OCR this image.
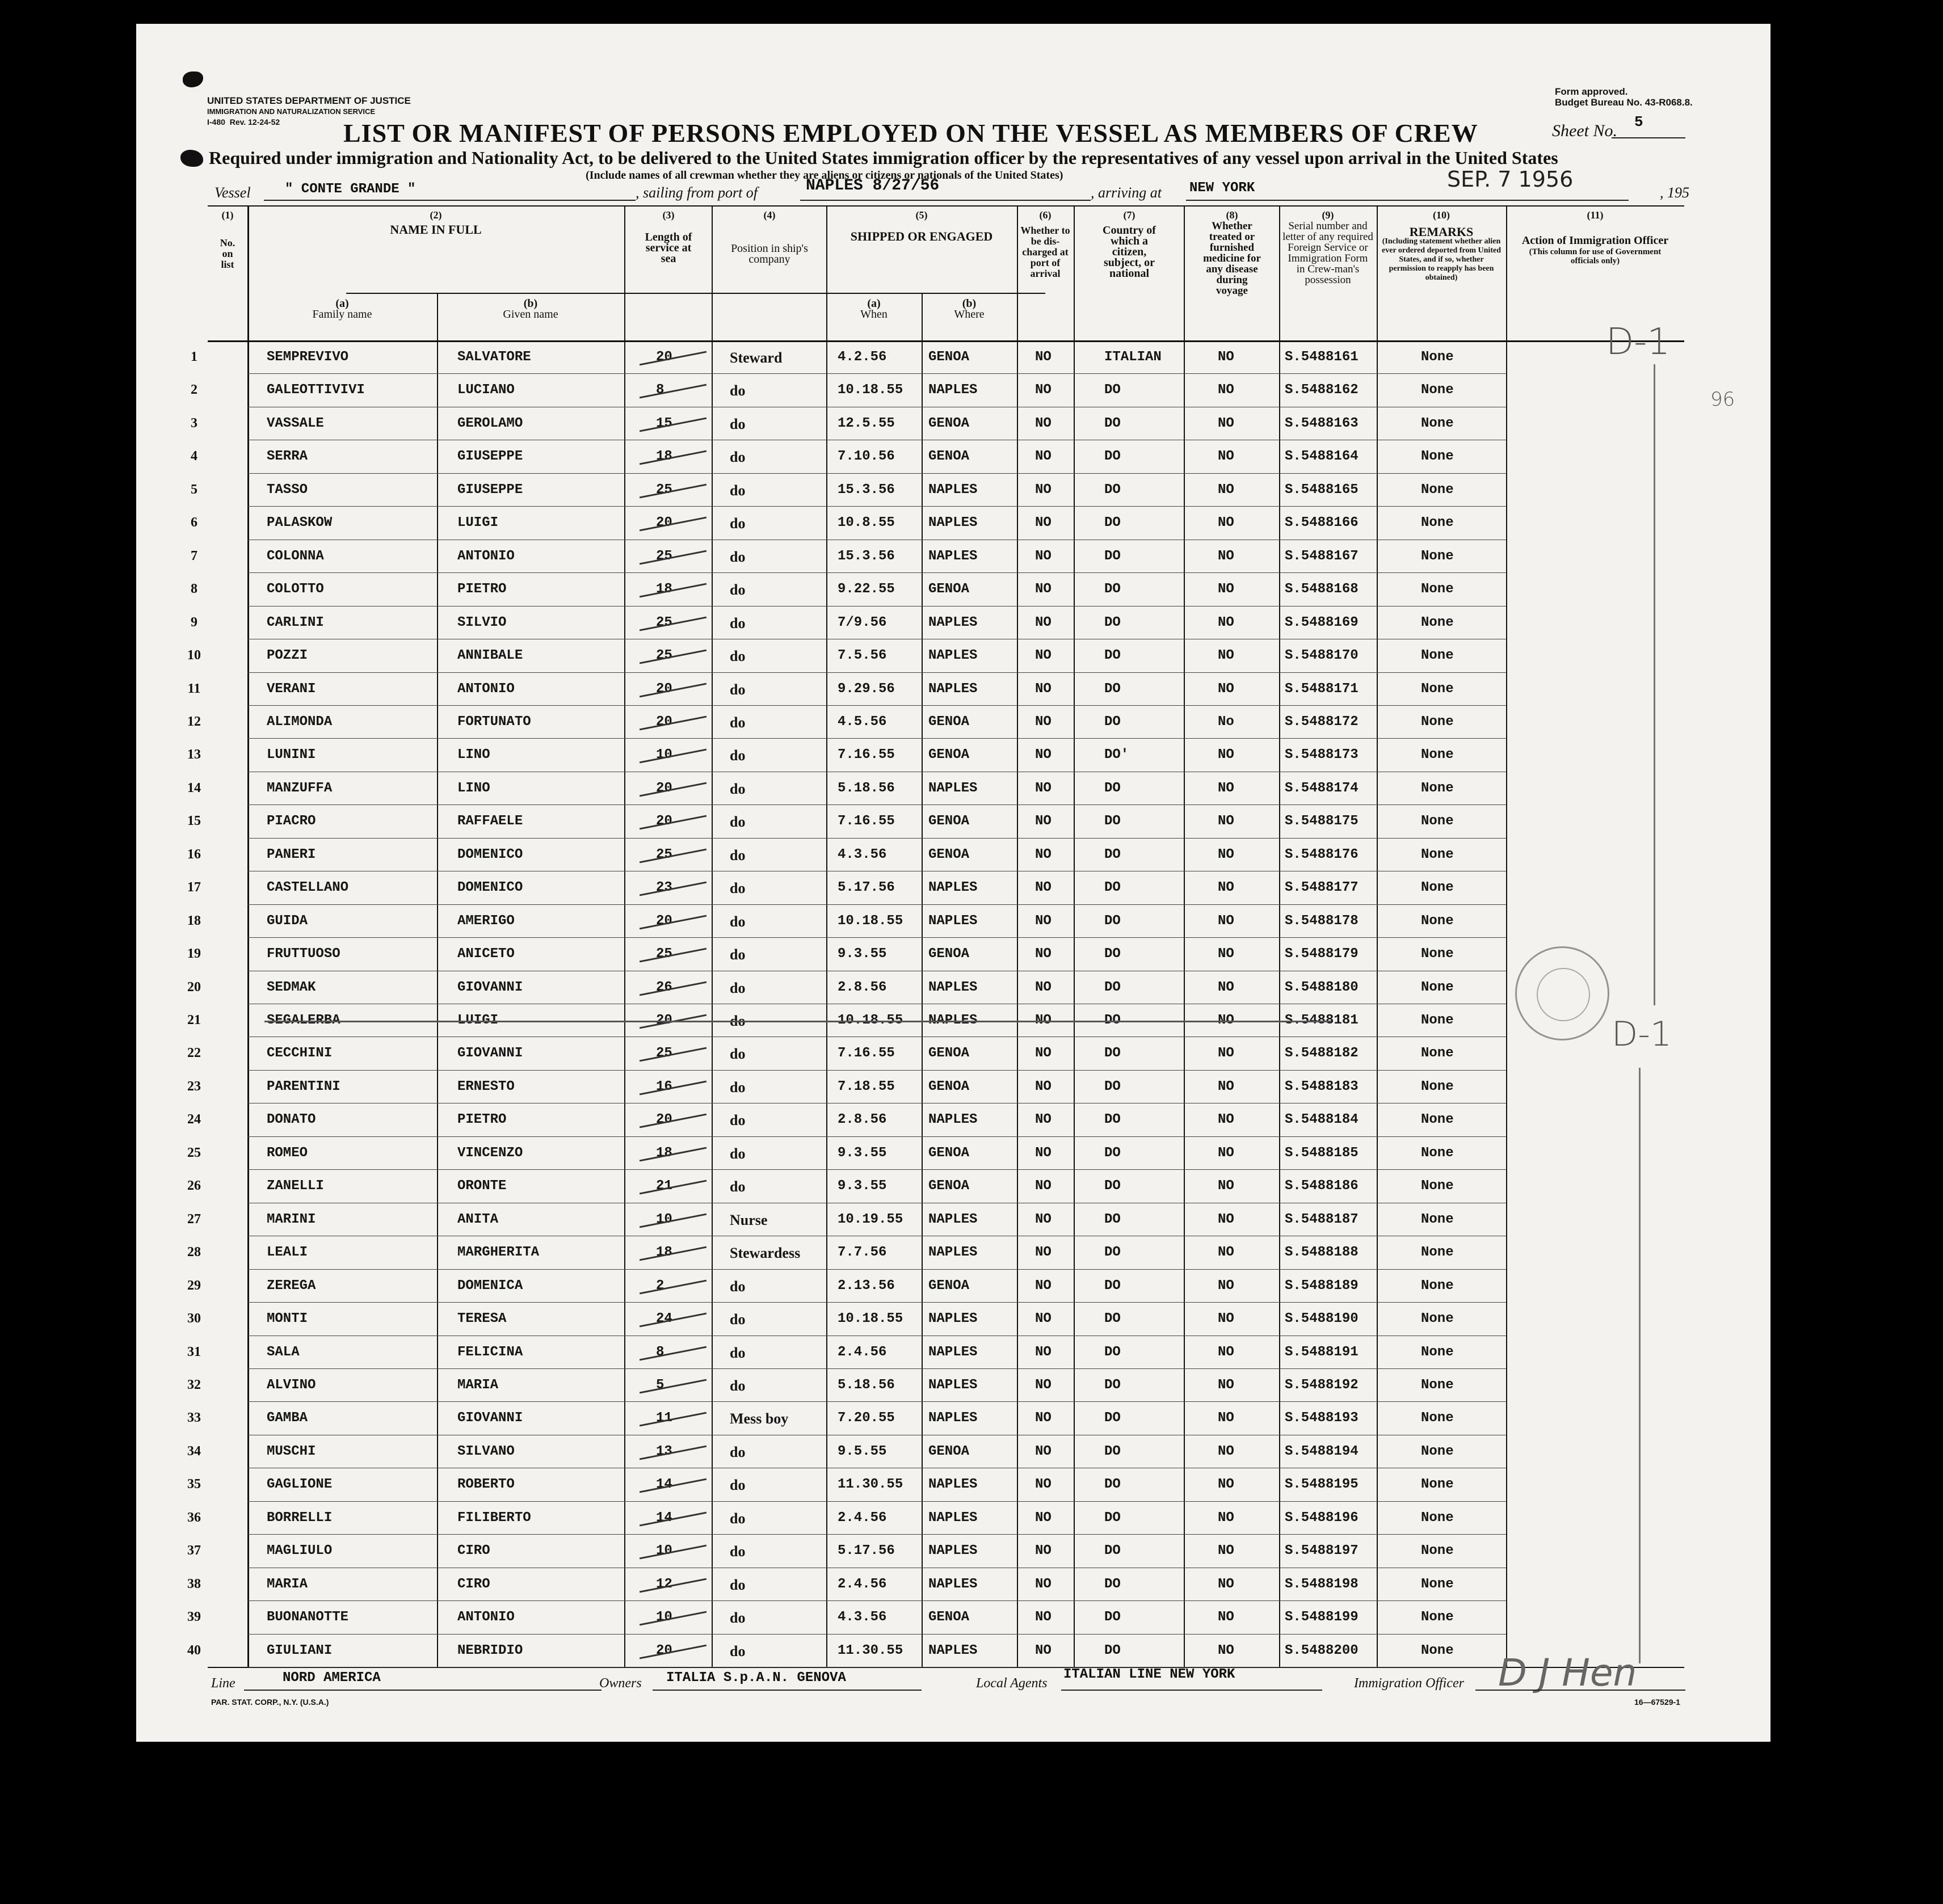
UNITED STATES DEPARTMENT OF JUSTICE
IMMIGRATION AND NATURALIZATION SERVICE
I-480 Rev. 12-24-52
Form approved.
Budget Bureau No. 43-R068.8.
LIST OR MANIFEST OF PERSONS EMPLOYED ON THE VESSEL AS MEMBERS OF CREW	Sheet No. 5
Required under immigration and Nationality Act, to be delivered to the United States immigration officer by the representatives of any vessel upon arrival in the United States
(Include names of all crewman whether they are aliens or citizens or nationals of the United States)
Vessel	" CONTE GRANDE "	, sailing from port of	NAPLES 8/27/56	, arriving at NEW YORK	SEP. 7 1956
, 195
(1)
No. on list
(2)
NAME IN FULL
(a)
Family name
(b)
Given name
(3)
Length of service at sea
(4)
Position in ship's company
(5)
SHIPPED OR ENGAGED
(a)
When
(b)
Where
(6)
Whether to be dis-charged at port of arrival
(7)
Country of which a citizen, subject, or national
(8)
Whether treated or furnished medicine for any disease during voyage
(9)
Serial number and letter of any required Foreign Service or Immigration Form in Crew-man's possession
(10)
REMARKS
(Including statement whether alien ever ordered deported from United States, and if so, whether permission to reapply has been obtained)
(11)
Action of Immigration Officer
(This column for use of Government officials only)
1	SEMPREVIVO	SALVATORE	20	Steward	4.2.56	GENOA	NO	ITALIAN	NO	S.5488161	None
2	GALEOTTIVIVI	LUCIANO	8	do	10.18.55 NAPLES	NO	DO	NO	S.5488162	None
3	VASSALE	GEROLAMO	15	do	12.5.55 GENOA	NO	DO	NO	S.5488163	None
4	SERRA	GIUSEPPE	18	do	7.10.56 GENOA	NO	DO	NO	S.5488164	None
5	TASSO	GIUSEPPE	25	do	15.3.56 NAPLES	NO	DO	NO	S.5488165	None
6	PALASKOW	LUIGI	20	do	10.8.55 NAPLES	NO	DO	NO	S.5488166	None
7	COLONNA	ANTONIO	25	do	15.3.56 NAPLES	NO	DO	NO	S.5488167	None
8	COLOTTO	PIETRO	18	do	9.22.55 GENOA	NO	DO	NO	S.5488168	None
9	CARLINI	SILVIO	25	do	7/9.56	NAPLES	NO	DO	NO	S.5488169	None
10	POZZI	ANNIBALE	25	do	7.5.56	NAPLES	NO	DO	NO	S.5488170	None
11	VERANI	ANTONIO	20	do	9.29.56 NAPLES	NO	DO	NO	S.5488171	None
12	ALIMONDA	FORTUNATO	20	do	4.5.56	GENOA	NO	DO	No	S.5488172	None
13	LUNINI	LINO	10	do	7.16.55 GENOA	NO	DO'	NO	S.5488173	None
14	MANZUFFA	LINO	20	do	5.18.56 NAPLES	NO	DO	NO	S.5488174	None
15	PIACRO	RAFFAELE	20	do	7.16.55 GENOA	NO	DO	NO	S.5488175	None
16	PANERI	DOMENICO	25	do	4.3.56	GENOA	NO	DO	NO	S.5488176	None
17	CASTELLANO	DOMENICO	23	do	5.17.56 NAPLES	NO	DO	NO	S.5488177	None
18	GUIDA	AMERIGO	20	do	10.18.55 NAPLES	NO	DO	NO	S.5488178	None
19	FRUTTUOSO	ANICETO	25	do	9.3.55	GENOA	NO	DO	NO	S.5488179	None
20	SEDMAK	GIOVANNI	26	do	2.8.56	NAPLES	NO	DO	NO	S.5488180	None
21	SEGALERBA	LUIGI	20	do	10.18.55 NAPLES	NO	DO	NO	S.5488181	None
22	CECCHINI	GIOVANNI	25	do	7.16.55 GENOA	NO	DO	NO	S.5488182	None
23	PARENTINI	ERNESTO	16	do	7.18.55 GENOA	NO	DO	NO	S.5488183	None
24	DONATO	PIETRO	20	do	2.8.56	NAPLES	NO	DO	NO	S.5488184	None
25	ROMEO	VINCENZO	18	do	9.3.55	GENOA	NO	DO	NO	S.5488185	None
26	ZANELLI	ORONTE	21	do	9.3.55	GENOA	NO	DO	NO	S.5488186	None
27	MARINI	ANITA	10	Nurse	10.19.55 NAPLES	NO	DO	NO	S.5488187	None
28	LEALI	MARGHERITA	18	Stewardess	7.7.56	NAPLES	NO	DO	NO	S.5488188	None
29	ZEREGA	DOMENICA	2	do	2.13.56 GENOA	NO	DO	NO	S.5488189	None
30	MONTI	TERESA	24	do	10.18.55 NAPLES	NO	DO	NO	S.5488190	None
31	SALA	FELICINA	8	do	2.4.56	NAPLES	NO	DO	NO	S.5488191	None
32	ALVINO	MARIA	5	do	5.18.56 NAPLES	NO	DO	NO	S.5488192	None
33	GAMBA	GIOVANNI	11	Mess boy	7.20.55 NAPLES	NO	DO	NO	S.5488193	None
34	MUSCHI	SILVANO	13	do	9.5.55	GENOA	NO	DO	NO	S.5488194	None
35	GAGLIONE	ROBERTO	14	do	11.30.55 NAPLES	NO	DO	NO	S.5488195	None
36	BORRELLI	FILIBERTO	14	do	2.4.56	NAPLES	NO	DO	NO	S.5488196	None
37	MAGLIULO	CIRO	10	do	5.17.56 NAPLES	NO	DO	NO	S.5488197	None
38	MARIA	CIRO	12	do	2.4.56	NAPLES	NO	DO	NO	S.5488198	None
39	BUONANOTTE	ANTONIO	10	do	4.3.56	GENOA	NO	DO	NO	S.5488199	None
40	GIULIANI	NEBRIDIO	20	do	11.30.55 NAPLES	NO	DO	NO	S.5488200	None
D-1
96
D-1
Line	NORD AMERICA	Owners ITALIA S.p.A.N. GENOVA	Local Agents
ITALIAN LINE NEW YORK
Immigration Officer D J Hen
PAR. STAT. CORP., N.Y. (U.S.A.)	16—67529-1
